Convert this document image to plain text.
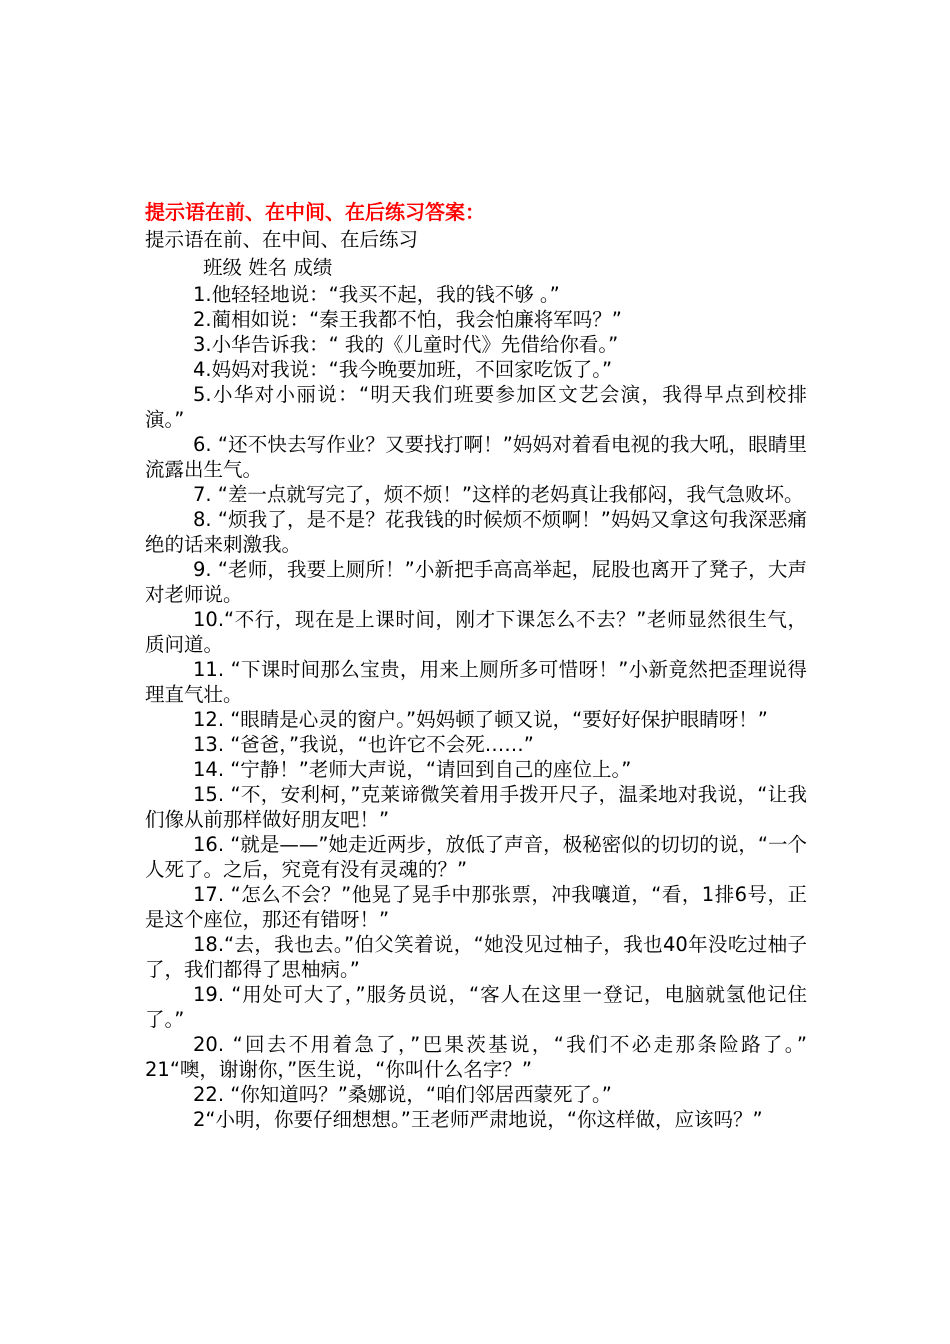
提示语在前、在中间、在后练习答案：

提示语在前、在中间、在后练习

班级 姓名 成绩

1.他轻轻地说：“我买不起，我的钱不够 。”

2.蔺相如说：“秦王我都不怕，我会怕廉将军吗？”

3.小华告诉我：“ 我的《儿童时代》先借给你看。”

4.妈妈对我说：“我今晚要加班，不回家吃饭了。”

5.小华对小丽说：“明天我们班要参加区文艺会演，我得早点到校排演。”

6. “还不快去写作业？又要找打啊！”妈妈对着看电视的我大吼，眼睛里流露出生气。

7. “差一点就写完了，烦不烦！”这样的老妈真让我郁闷，我气急败坏。

8. “烦我了，是不是？花我钱的时候烦不烦啊！”妈妈又拿这句我深恶痛绝的话来刺激我。

9. “老师，我要上厕所！”小新把手高高举起，屁股也离开了凳子，大声对老师说。

10.“不行，现在是上课时间，刚才下课怎么不去？”老师显然很生气，质问道。

11. “下课时间那么宝贵，用来上厕所多可惜呀！”小新竟然把歪理说得理直气壮。

12. “眼睛是心灵的窗户。”妈妈顿了顿又说，“要好好保护眼睛呀！”

13. “爸爸，”我说，“也许它不会死……”

14. “宁静！”老师大声说，“请回到自己的座位上。”

15. “不，安利柯，”克莱谛微笑着用手拨开尺子，温柔地对我说，“让我们像从前那样做好朋友吧！”

16. “就是——”她走近两步，放低了声音，极秘密似的切切的说，“一个人死了。之后，究竟有没有灵魂的？”

17. “怎么不会？”他晃了晃手中那张票，冲我嚷道，“看，1排6号，正是这个座位，那还有错呀！”

18.“去，我也去。”伯父笑着说，“她没见过柚子，我也40年没吃过柚子了，我们都得了思柚病。”

19. “用处可大了，”服务员说，“客人在这里一登记，电脑就氢他记住了。”

20. “回去不用着急了，”巴果茨基说，“我们不必走那条险路了。” 21“噢，谢谢你，”医生说，“你叫什么名字？”

22. “你知道吗？”桑娜说，“咱们邻居西蒙死了。”

2“小明，你要仔细想想。”王老师严肃地说，“你这样做，应该吗？”
